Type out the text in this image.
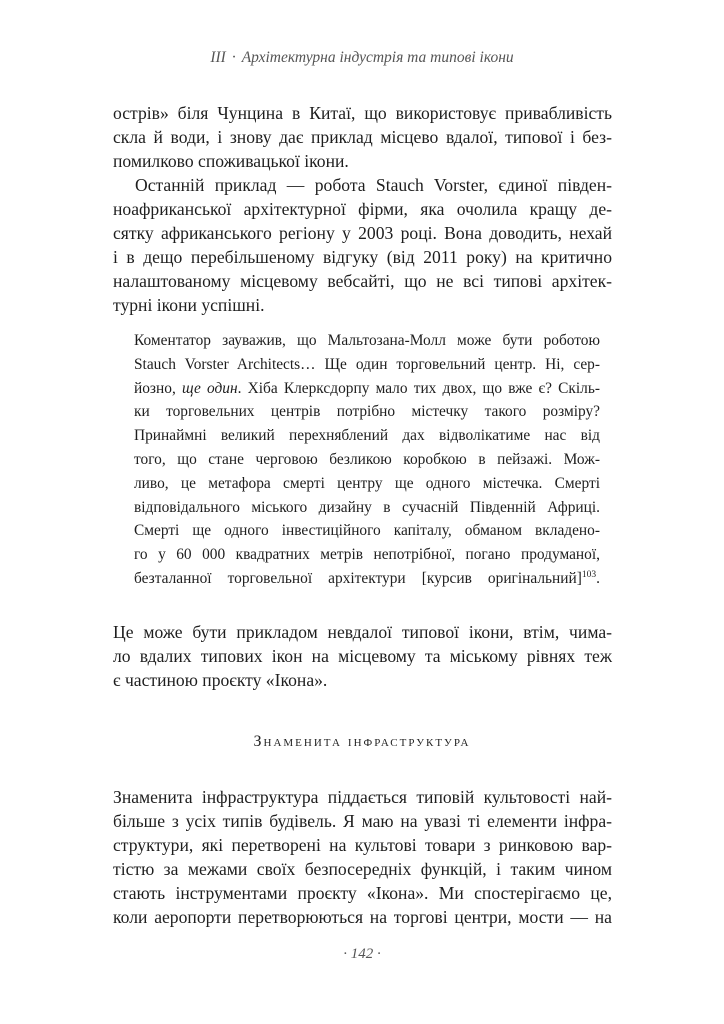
III · Архітектурна індустрія та типові ікони
острів» біля Чунцина в Китаї, що використовує привабливість
скла й води, і знову дає приклад місцево вдалої, типової і без-
помилково споживацької ікони.
Останній приклад — робота Stauch Vorster, єдиної півден-
ноафриканської архітектурної фірми, яка очолила кращу де-
сятку африканського регіону у 2003 році. Вона доводить, нехай
і в дещо перебільшеному відгуку (від 2011 року) на критично
налаштованому місцевому вебсайті, що не всі типові архітек-
турні ікони успішні.
Коментатор зауважив, що Мальтозана-Молл може бути роботою
Stauch Vorster Architects… Ще один торговельний центр. Ні, сер-
йозно, ще один. Хіба Клерксдорпу мало тих двох, що вже є? Скіль-
ки торговельних центрів потрібно містечку такого розміру?
Принаймні великий перехняблений дах відволікатиме нас від
того, що стане черговою безликою коробкою в пейзажі. Мож-
ливо, це метафора смерті центру ще одного містечка. Смерті
відповідального міського дизайну в сучасній Південній Африці.
Смерті ще одного інвестиційного капіталу, обманом вкладено-
го у 60 000 квадратних метрів непотрібної, погано продуманої,
безталанної торговельної архітектури [курсив оригінальний]$^{103}$.
Це може бути прикладом невдалої типової ікони, втім, чима-
ло вдалих типових ікон на місцевому та міському рівнях теж
є частиною проєкту «Ікона».
Знаменита інфраструктура
Знаменита інфраструктура піддається типовій культовості най-
більше з усіх типів будівель. Я маю на увазі ті елементи інфра-
структури, які перетворені на культові товари з ринковою вар-
тістю за межами своїх безпосередніх функцій, і таким чином
стають інструментами проєкту «Ікона». Ми спостерігаємо це,
коли аеропорти перетворюються на торгові центри, мости — на
· 142 ·
